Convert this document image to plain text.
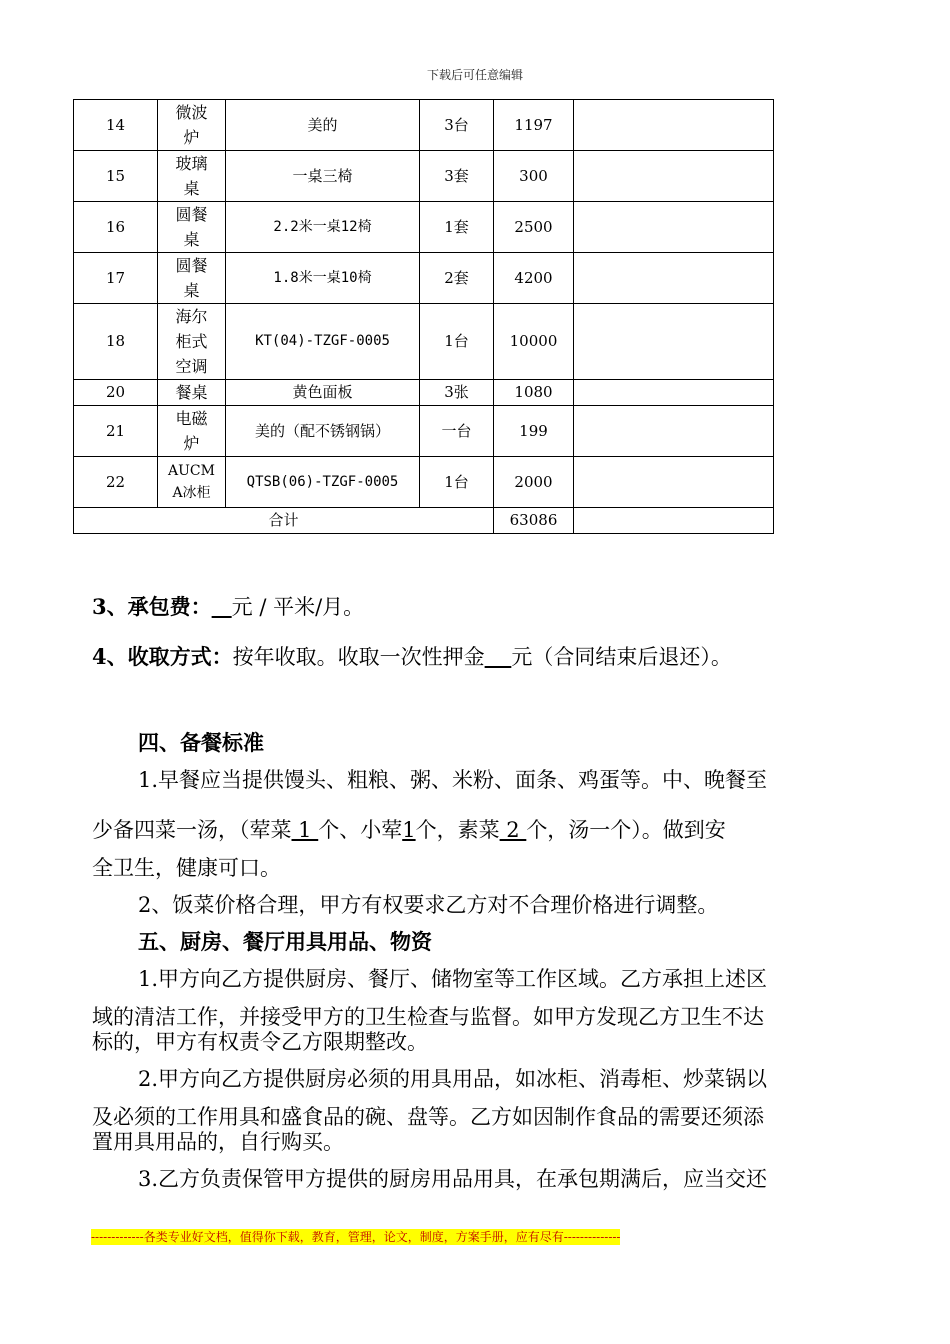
下载后可任意编辑
14	微波炉	美的	3台	1197	
15	玻璃桌	一桌三椅	3套	300	
16	圆餐桌	2.2米一桌12椅	1套	2500	
17	圆餐桌	1.8米一桌10椅	2套	4200	
18	海尔柜式空调	KT(04)-TZGF-0005	1台	10000	
20	餐桌	黄色面板	3张	1080	
21	电磁炉	美的（配不锈钢锅）	一台	199	
22	AUCMA冰柜	QTSB(06)-TZGF-0005	1台	2000	
合计				63086	
3、承包费： 元 / 平米/月。
4、收取方式：按年收取。收取一次性押金 元（合同结束后退还）。
四、备餐标准
1.早餐应当提供馒头、粗粮、粥、米粉、面条、鸡蛋等。中、晚餐至
少备四菜一汤，（荤菜 1 个、小荤1个，素菜 2 个，汤一个）。做到安
全卫生，健康可口。
2、饭菜价格合理，甲方有权要求乙方对不合理价格进行调整。
五、厨房、餐厅用具用品、物资
1.甲方向乙方提供厨房、餐厅、储物室等工作区域。乙方承担上述区
域的清洁工作，并接受甲方的卫生检查与监督。如甲方发现乙方卫生不达
标的，甲方有权责令乙方限期整改。
2.甲方向乙方提供厨房必须的用具用品，如冰柜、消毒柜、炒菜锅以
及必须的工作用具和盛食品的碗、盘等。乙方如因制作食品的需要还须添
置用具用品的，自行购买。
3.乙方负责保管甲方提供的厨房用品用具，在承包期满后，应当交还
-------------各类专业好文档，值得你下载，教育，管理，论文，制度，方案手册，应有尽有--------------
